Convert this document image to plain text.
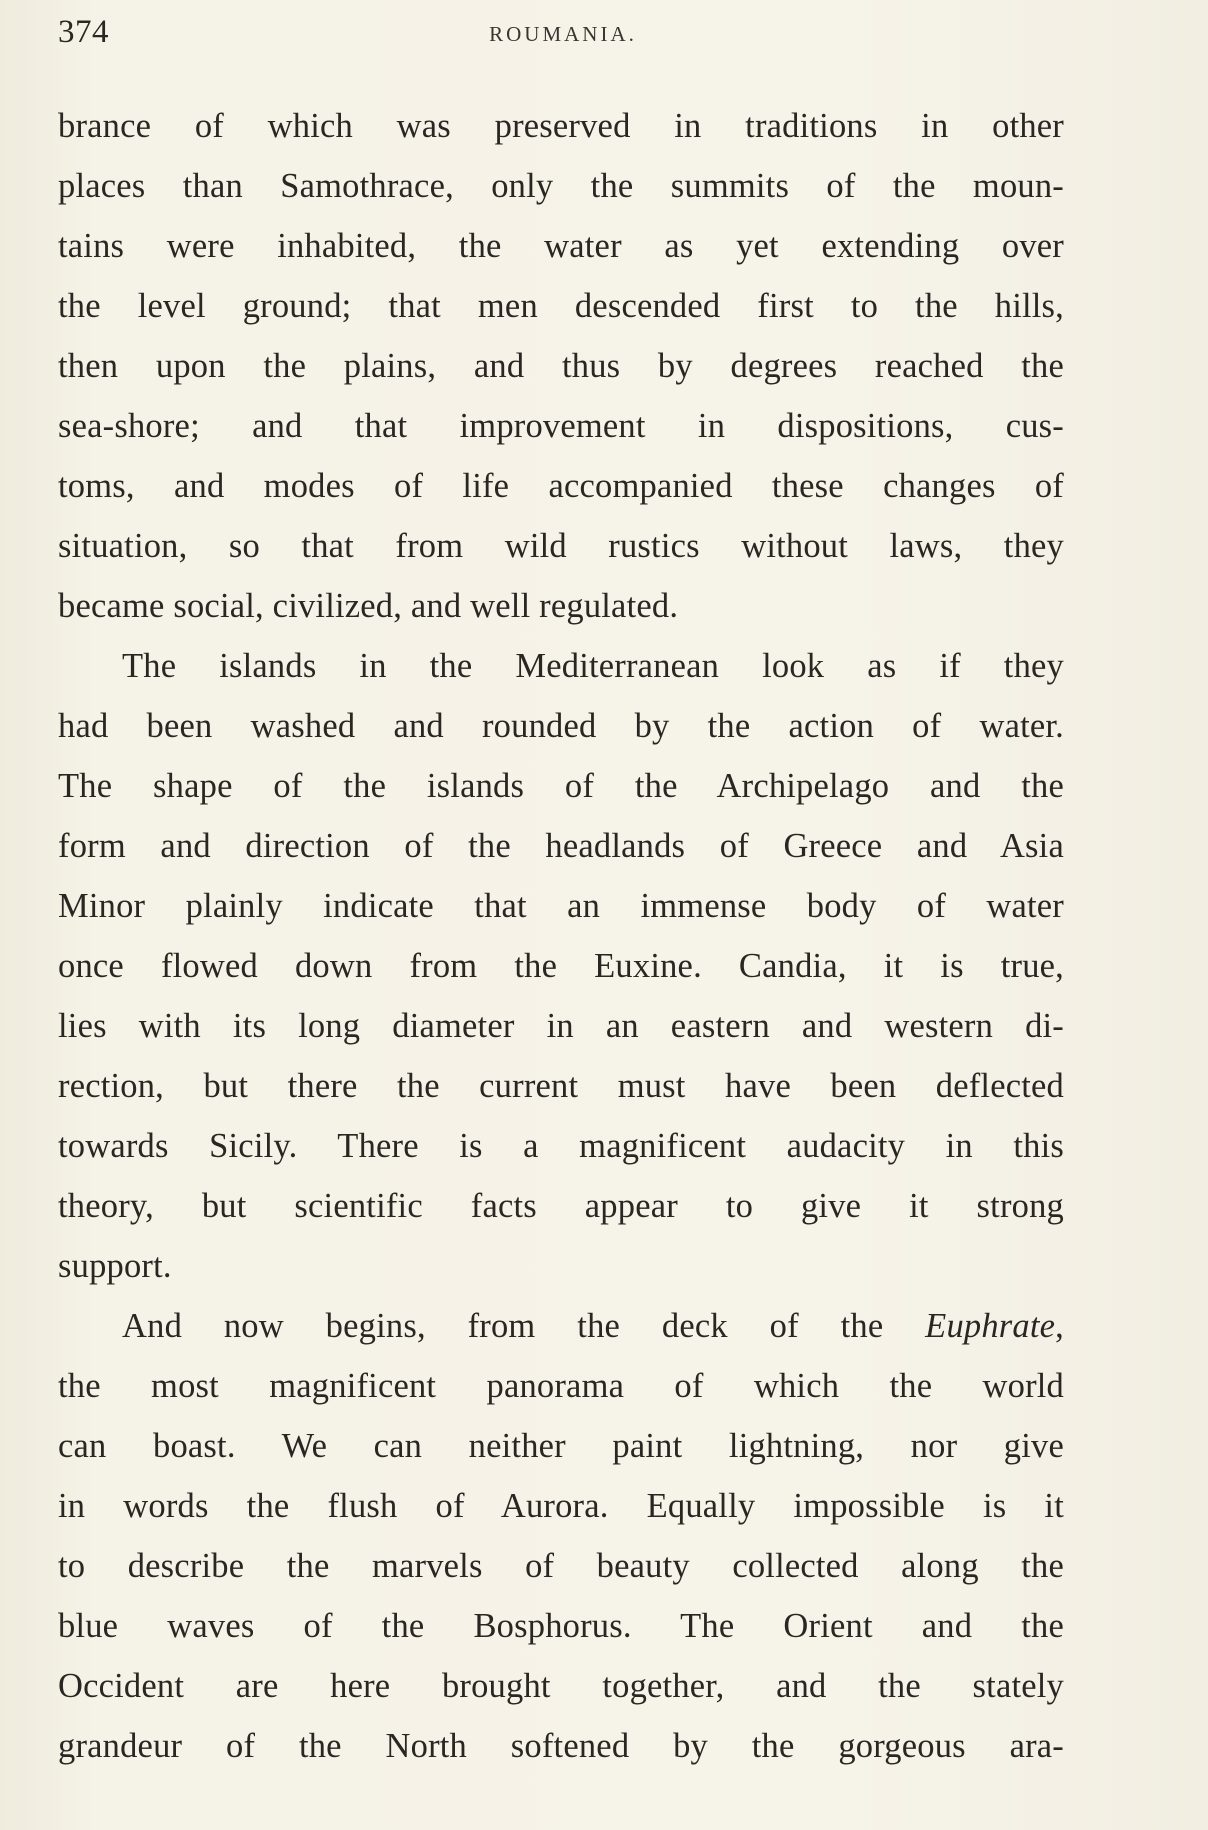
374	ROUMANIA.
brance of which was preserved in traditions in other
places than Samothrace, only the summits of the moun-
tains were inhabited, the water as yet extending over
the level ground; that men descended first to the hills,
then upon the plains, and thus by degrees reached the
sea-shore; and that improvement in dispositions, cus-
toms, and modes of life accompanied these changes of
situation, so that from wild rustics without laws, they
became social, civilized, and well regulated.
The islands in the Mediterranean look as if they
had been washed and rounded by the action of water.
The shape of the islands of the Archipelago and the
form and direction of the headlands of Greece and Asia
Minor plainly indicate that an immense body of water
once flowed down from the Euxine. Candia, it is true,
lies with its long diameter in an eastern and western di-
rection, but there the current must have been deflected
towards Sicily. There is a magnificent audacity in this
theory, but scientific facts appear to give it strong
support.
And now begins, from the deck of the Euphrate,
the most magnificent panorama of which the world
can boast. We can neither paint lightning, nor give
in words the flush of Aurora. Equally impossible is it
to describe the marvels of beauty collected along the
blue waves of the Bosphorus. The Orient and the
Occident are here brought together, and the stately
grandeur of the North softened by the gorgeous ara-
